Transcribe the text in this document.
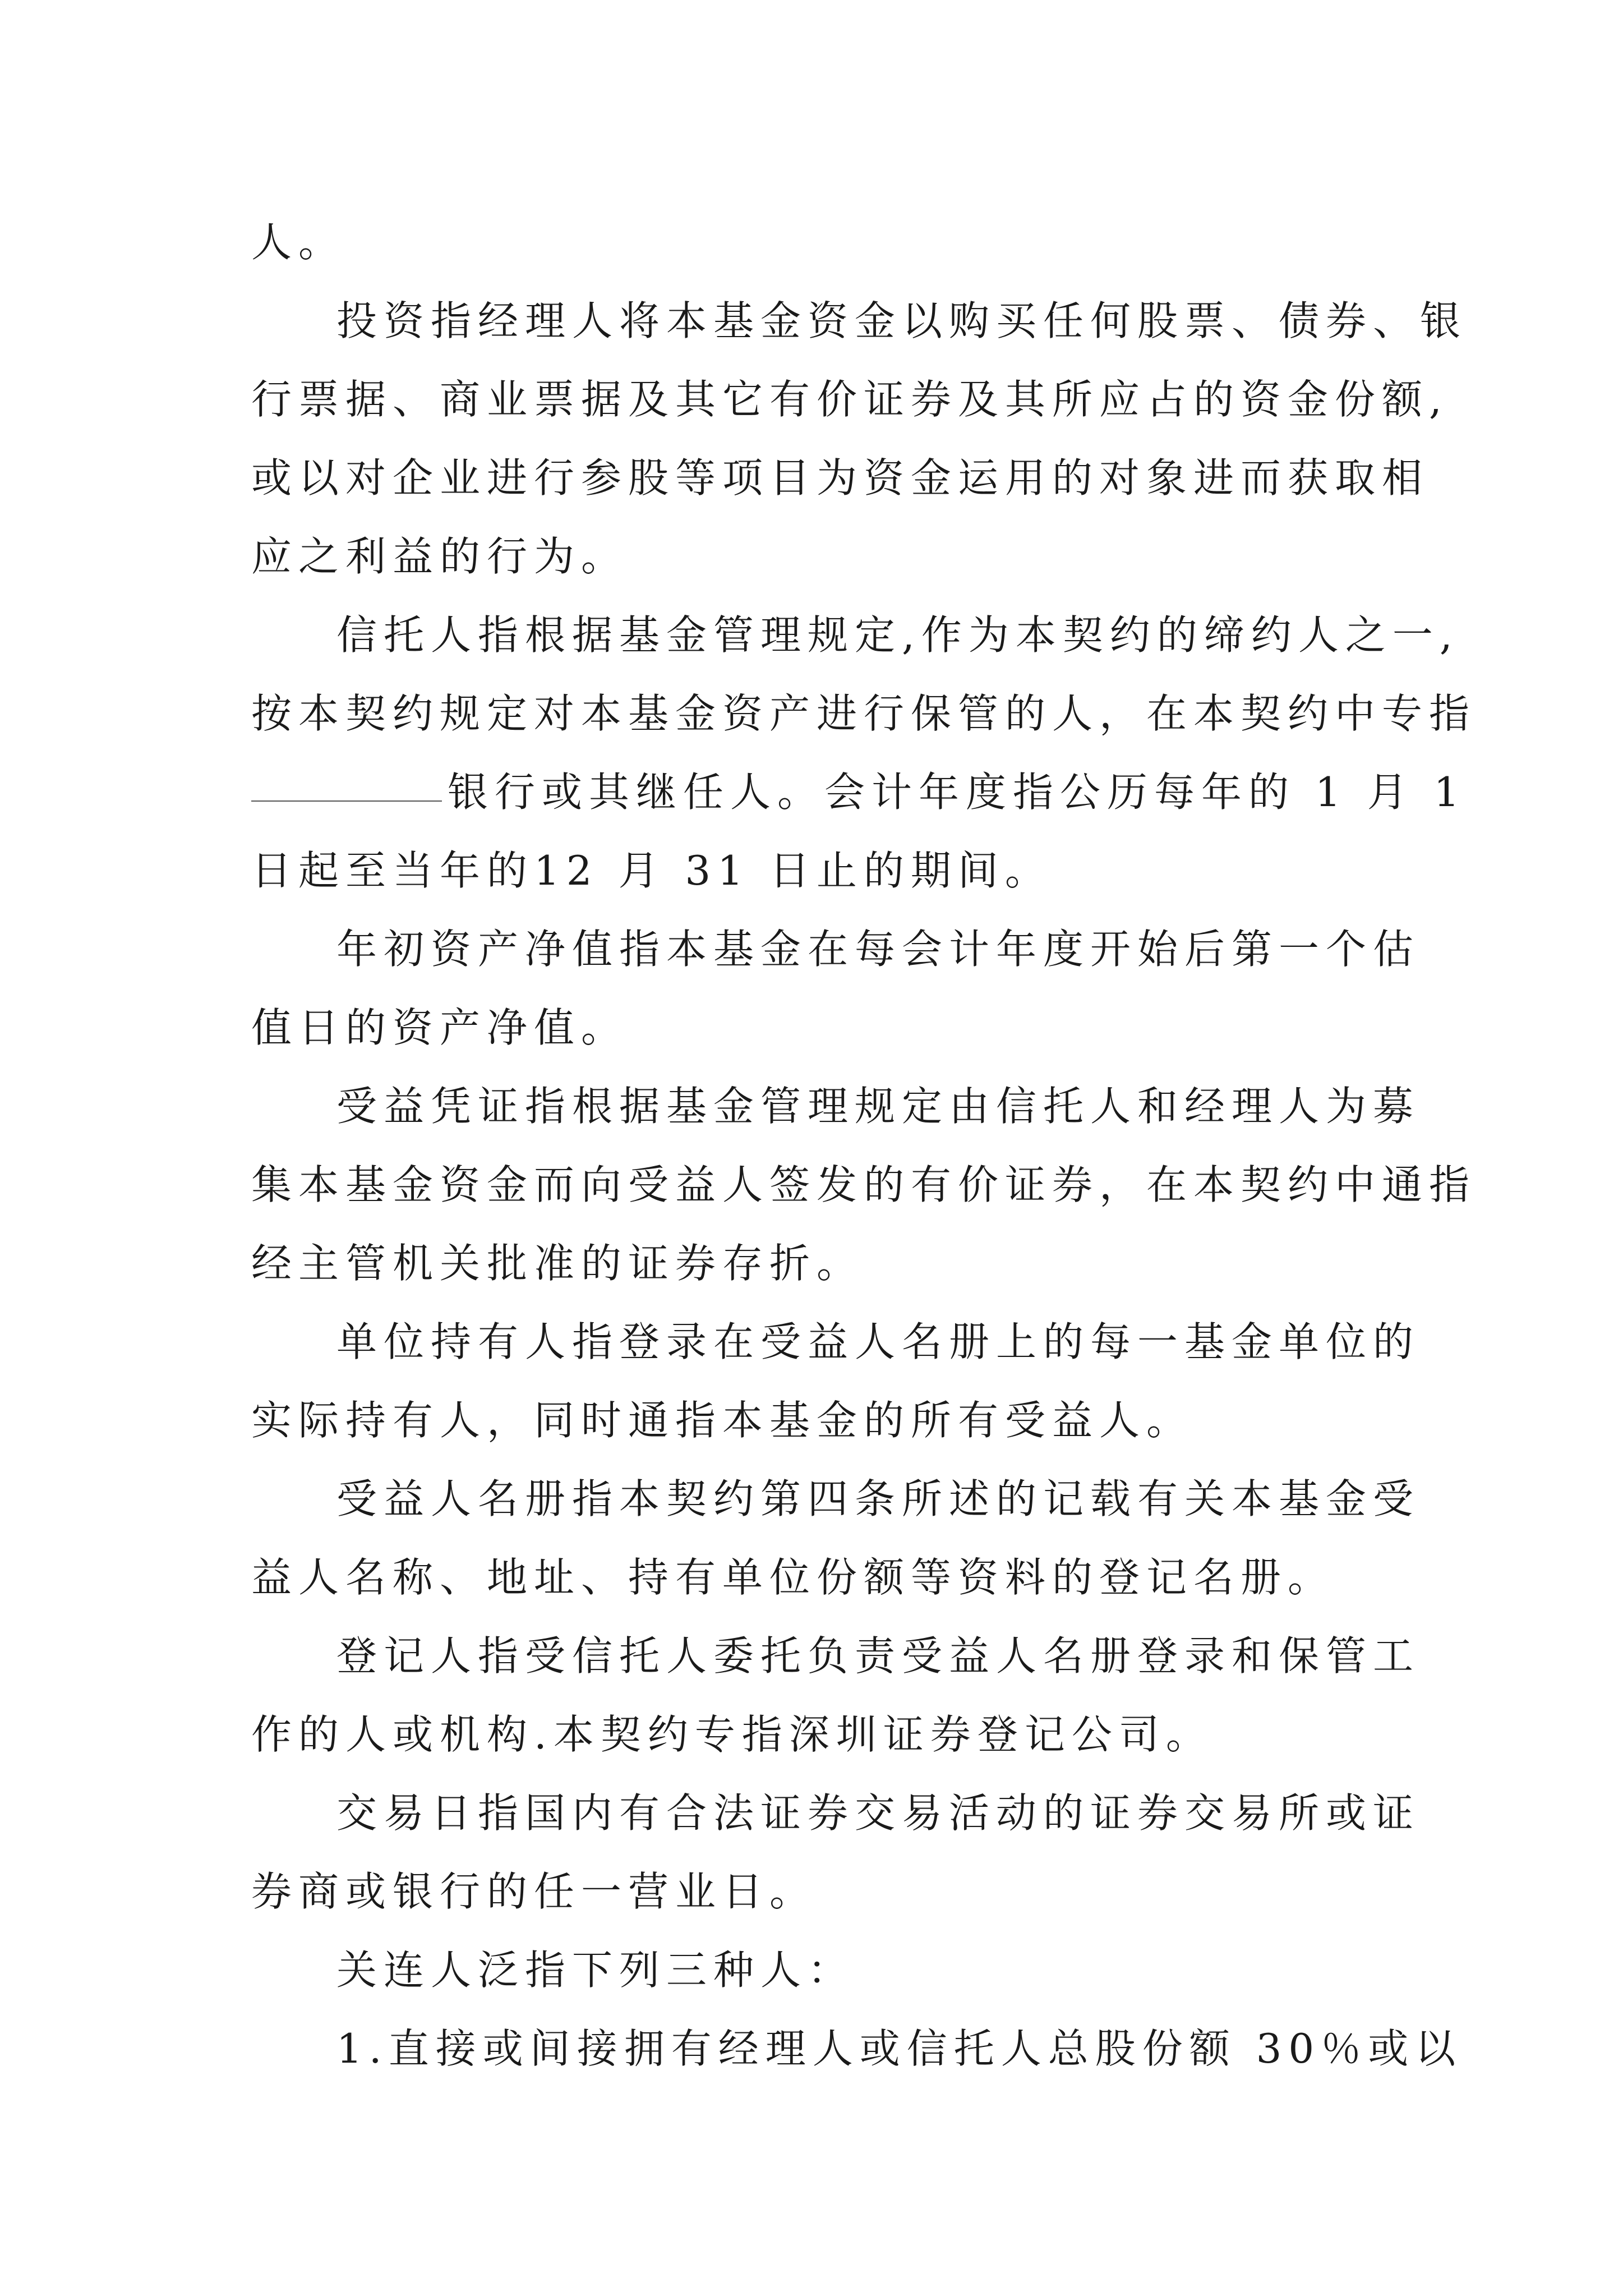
人。
投资指经理人将本基金资金以购买任何股票、债券、银
行票据、商业票据及其它有价证券及其所应占的资金份额,
或以对企业进行参股等项目为资金运用的对象进而获取相
应之利益的行为。
信托人指根据基金管理规定,作为本契约的缔约人之一,
按本契约规定对本基金资产进行保管的人，在本契约中专指
银行或其继任人。会计年度指公历每年的 1 月 1
日起至当年的12 月 31 日止的期间。
年初资产净值指本基金在每会计年度开始后第一个估
值日的资产净值。
受益凭证指根据基金管理规定由信托人和经理人为募
集本基金资金而向受益人签发的有价证券，在本契约中通指
经主管机关批准的证券存折。
单位持有人指登录在受益人名册上的每一基金单位的
实际持有人，同时通指本基金的所有受益人。
受益人名册指本契约第四条所述的记载有关本基金受
益人名称、地址、持有单位份额等资料的登记名册。
登记人指受信托人委托负责受益人名册登录和保管工
作的人或机构.本契约专指深圳证券登记公司。
交易日指国内有合法证券交易活动的证券交易所或证
券商或银行的任一营业日。
关连人泛指下列三种人：
1.直接或间接拥有经理人或信托人总股份额 30％或以
